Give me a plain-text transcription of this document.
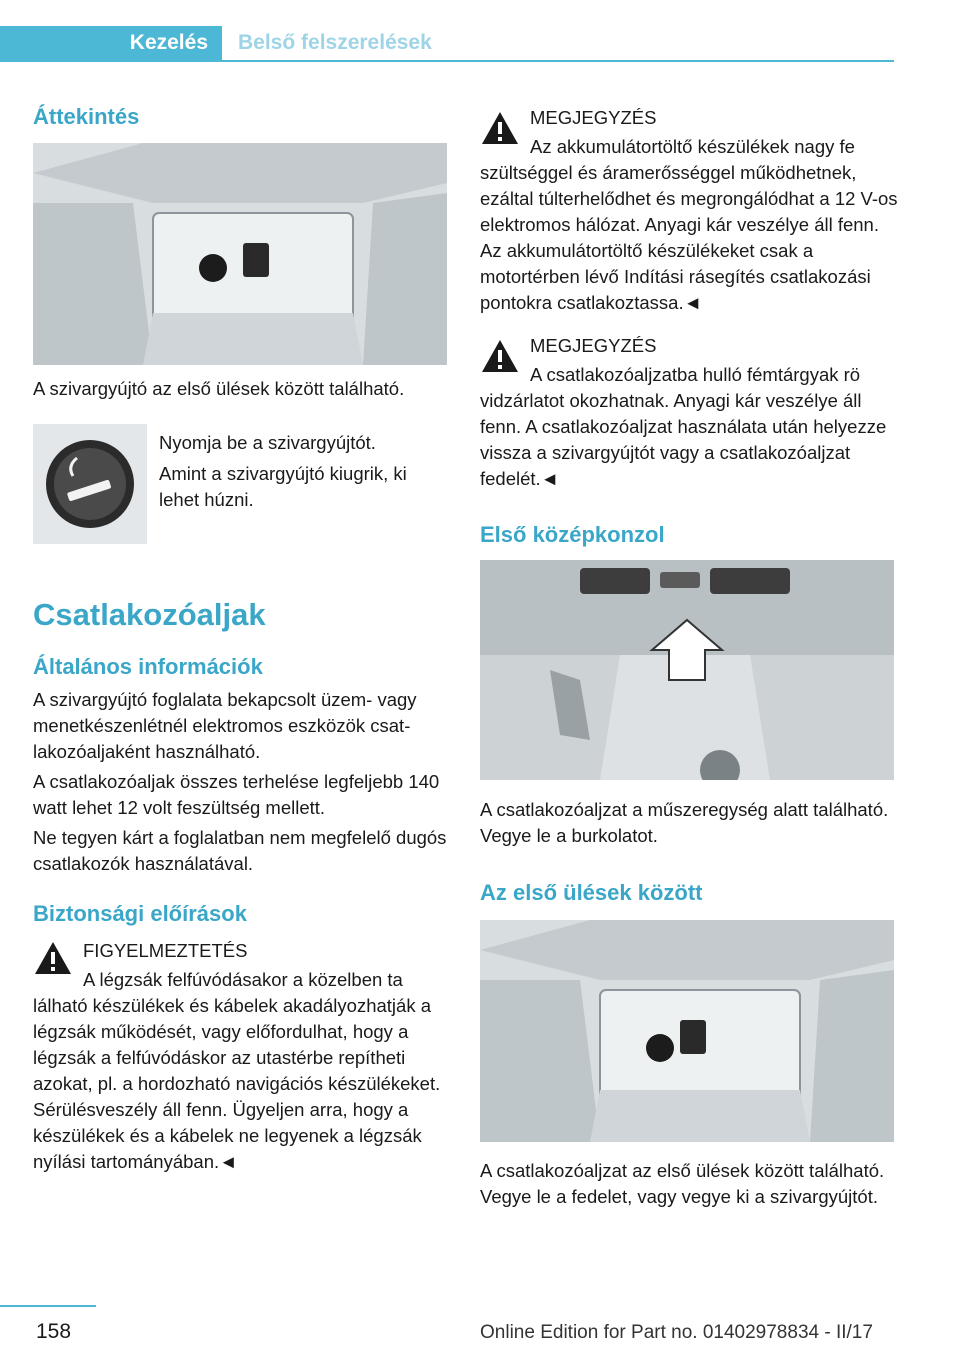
Kezelés	Belső felszerelések
Áttekintés

A szivargyújtó az első ülések között található.

Nyomja be a szivargyújtót.

Amint a szivargyújtó kiugrik, ki

lehet húzni.

Csatlakozóaljak
Általános információk

A szivargyújtó foglalata bekapcsolt üzem- vagy menetkészenlétnél elektromos eszközök csatlakozóaljaként használható.

A csatlakozóaljak összes terhelése legfeljebb 140 watt lehet 12 volt feszültség mellett.

Ne tegyen kárt a foglalatban nem megfelelő dugós csatlakozók használatával.

Biztonsági előírások

FIGYELMEZTETÉS

A légzsák felfúvódásakor a közelben ta

lálható készülékek és kábelek akadályozhatják a légzsák működését, vagy előfordulhat, hogy a légzsák a felfúvódáskor az utastérbe repítheti azokat, pl. a hordozható navigációs készülékeket. Sérülésveszély áll fenn. Ügyeljen arra, hogy a készülékek és a kábelek ne legyenek a légzsák nyílási tartományában.◄

MEGJEGYZÉS

Az akkumulátortöltő készülékek nagy fe

szültséggel és áramerősséggel működhetnek, ezáltal túlterhelődhet és megrongálódhat a 12 V-os elektromos hálózat. Anyagi kár veszélye áll fenn. Az akkumulátortöltő készülékeket csak a motortérben lévő Indítási rásegítés csatlakozási pontokra csatlakoztassa.◄

MEGJEGYZÉS

A csatlakozóaljzatba hulló fémtárgyak rö

vidzárlatot okozhatnak. Anyagi kár veszélye áll fenn. A csatlakozóaljzat használata után helyezze vissza a szivargyújtót vagy a csatlakozóaljzat fedelét.◄

Első középkonzol

A csatlakozóaljzat a műszeregység alatt található. Vegye le a burkolatot.

Az első ülések között

A csatlakozóaljzat az első ülések között található. Vegye le a fedelet, vagy vegye ki a szivargyújtót.

158	Online Edition for Part no. 01402978834 - II/17
